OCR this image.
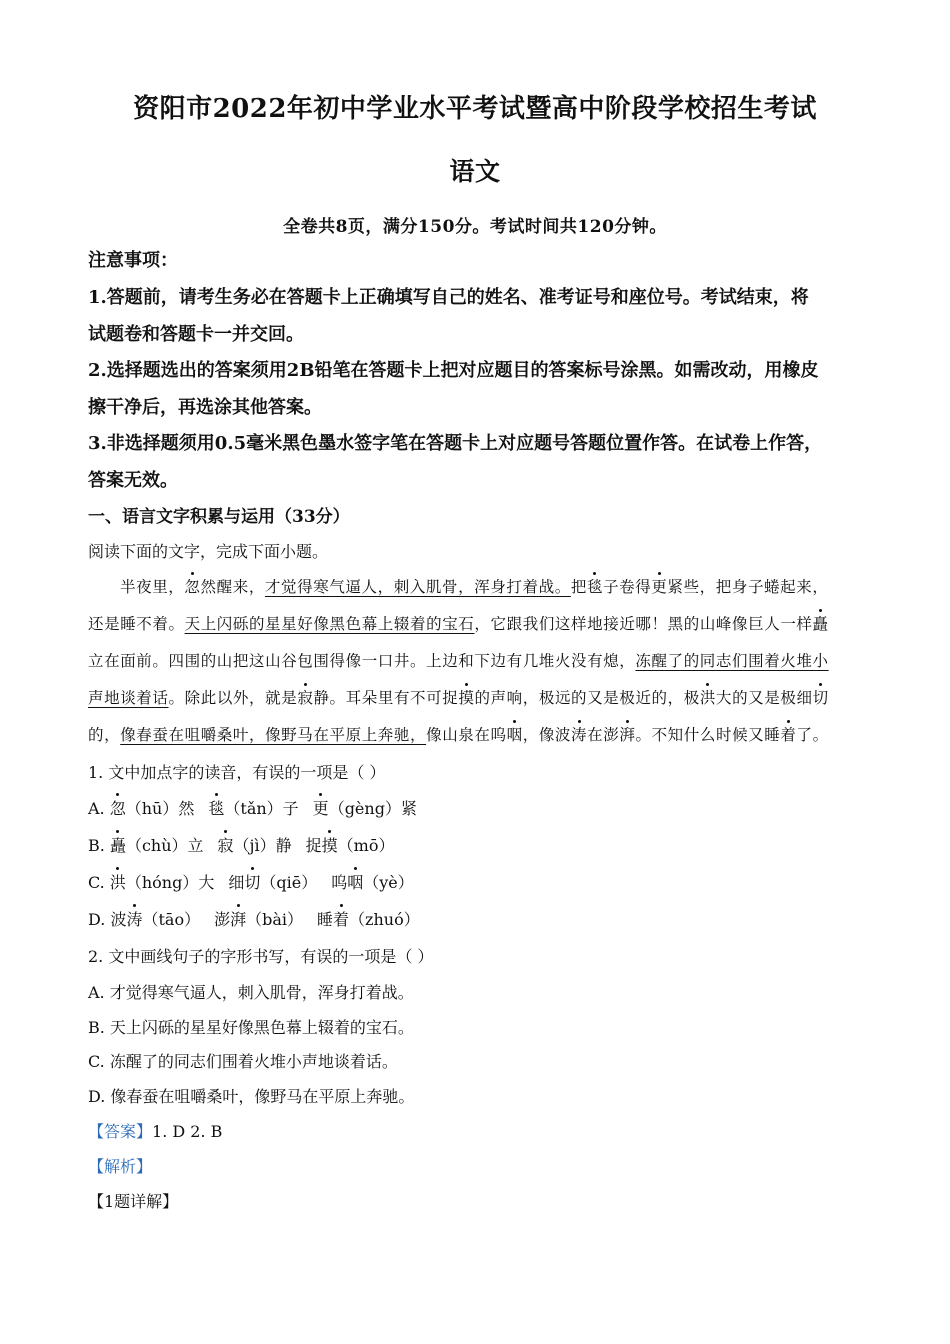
资阳市2022年初中学业水平考试暨高中阶段学校招生考试
语文
全卷共8页，满分150分。考试时间共120分钟。
注意事项：
1.答题前，请考生务必在答题卡上正确填写自己的姓名、准考证号和座位号。考试结束，将
试题卷和答题卡一并交回。
2.选择题选出的答案须用2B铅笔在答题卡上把对应题目的答案标号涂黑。如需改动，用橡皮
擦干净后，再选涂其他答案。
3.非选择题须用0.5毫米黑色墨水签字笔在答题卡上对应题号答题位置作答。在试卷上作答，
答案无效。
一、语言文字积累与运用（33分）
阅读下面的文字，完成下面小题。
半夜里，忽然醒来，才觉得寒气逼人，刺入肌骨，浑身打着战。把毯子卷得更紧些，把身子蜷起来，
还是睡不着。天上闪砾的星星好像黑色幕上辍着的宝石，它跟我们这样地接近哪！黑的山峰像巨人一样矗
立在面前。四围的山把这山谷包围得像一口井。上边和下边有几堆火没有熄，冻醒了的同志们围着火堆小
声地谈着话。除此以外，就是寂静。耳朵里有不可捉摸的声响，极远的又是极近的，极洪大的又是极细切
的，像春蚕在咀嚼桑叶，像野马在平原上奔驰，像山泉在呜咽，像波涛在澎湃。不知什么时候又睡着了。
1. 文中加点字的读音，有误的一项是（ ）
A. 忽（hū）然 毯（tǎn）子 更（gèng）紧
B. 矗（chù）立 寂（jì）静 捉摸（mō）
C. 洪（hóng）大 细切（qiē） 呜咽（yè）
D. 波涛（tāo） 澎湃（bài） 睡着（zhuó）
2. 文中画线句子的字形书写，有误的一项是（ ）
A. 才觉得寒气逼人，刺入肌骨，浑身打着战。
B. 天上闪砾的星星好像黑色幕上辍着的宝石。
C. 冻醒了的同志们围着火堆小声地谈着话。
D. 像春蚕在咀嚼桑叶，像野马在平原上奔驰。
【答案】1. D 2. B
【解析】
【1题详解】
